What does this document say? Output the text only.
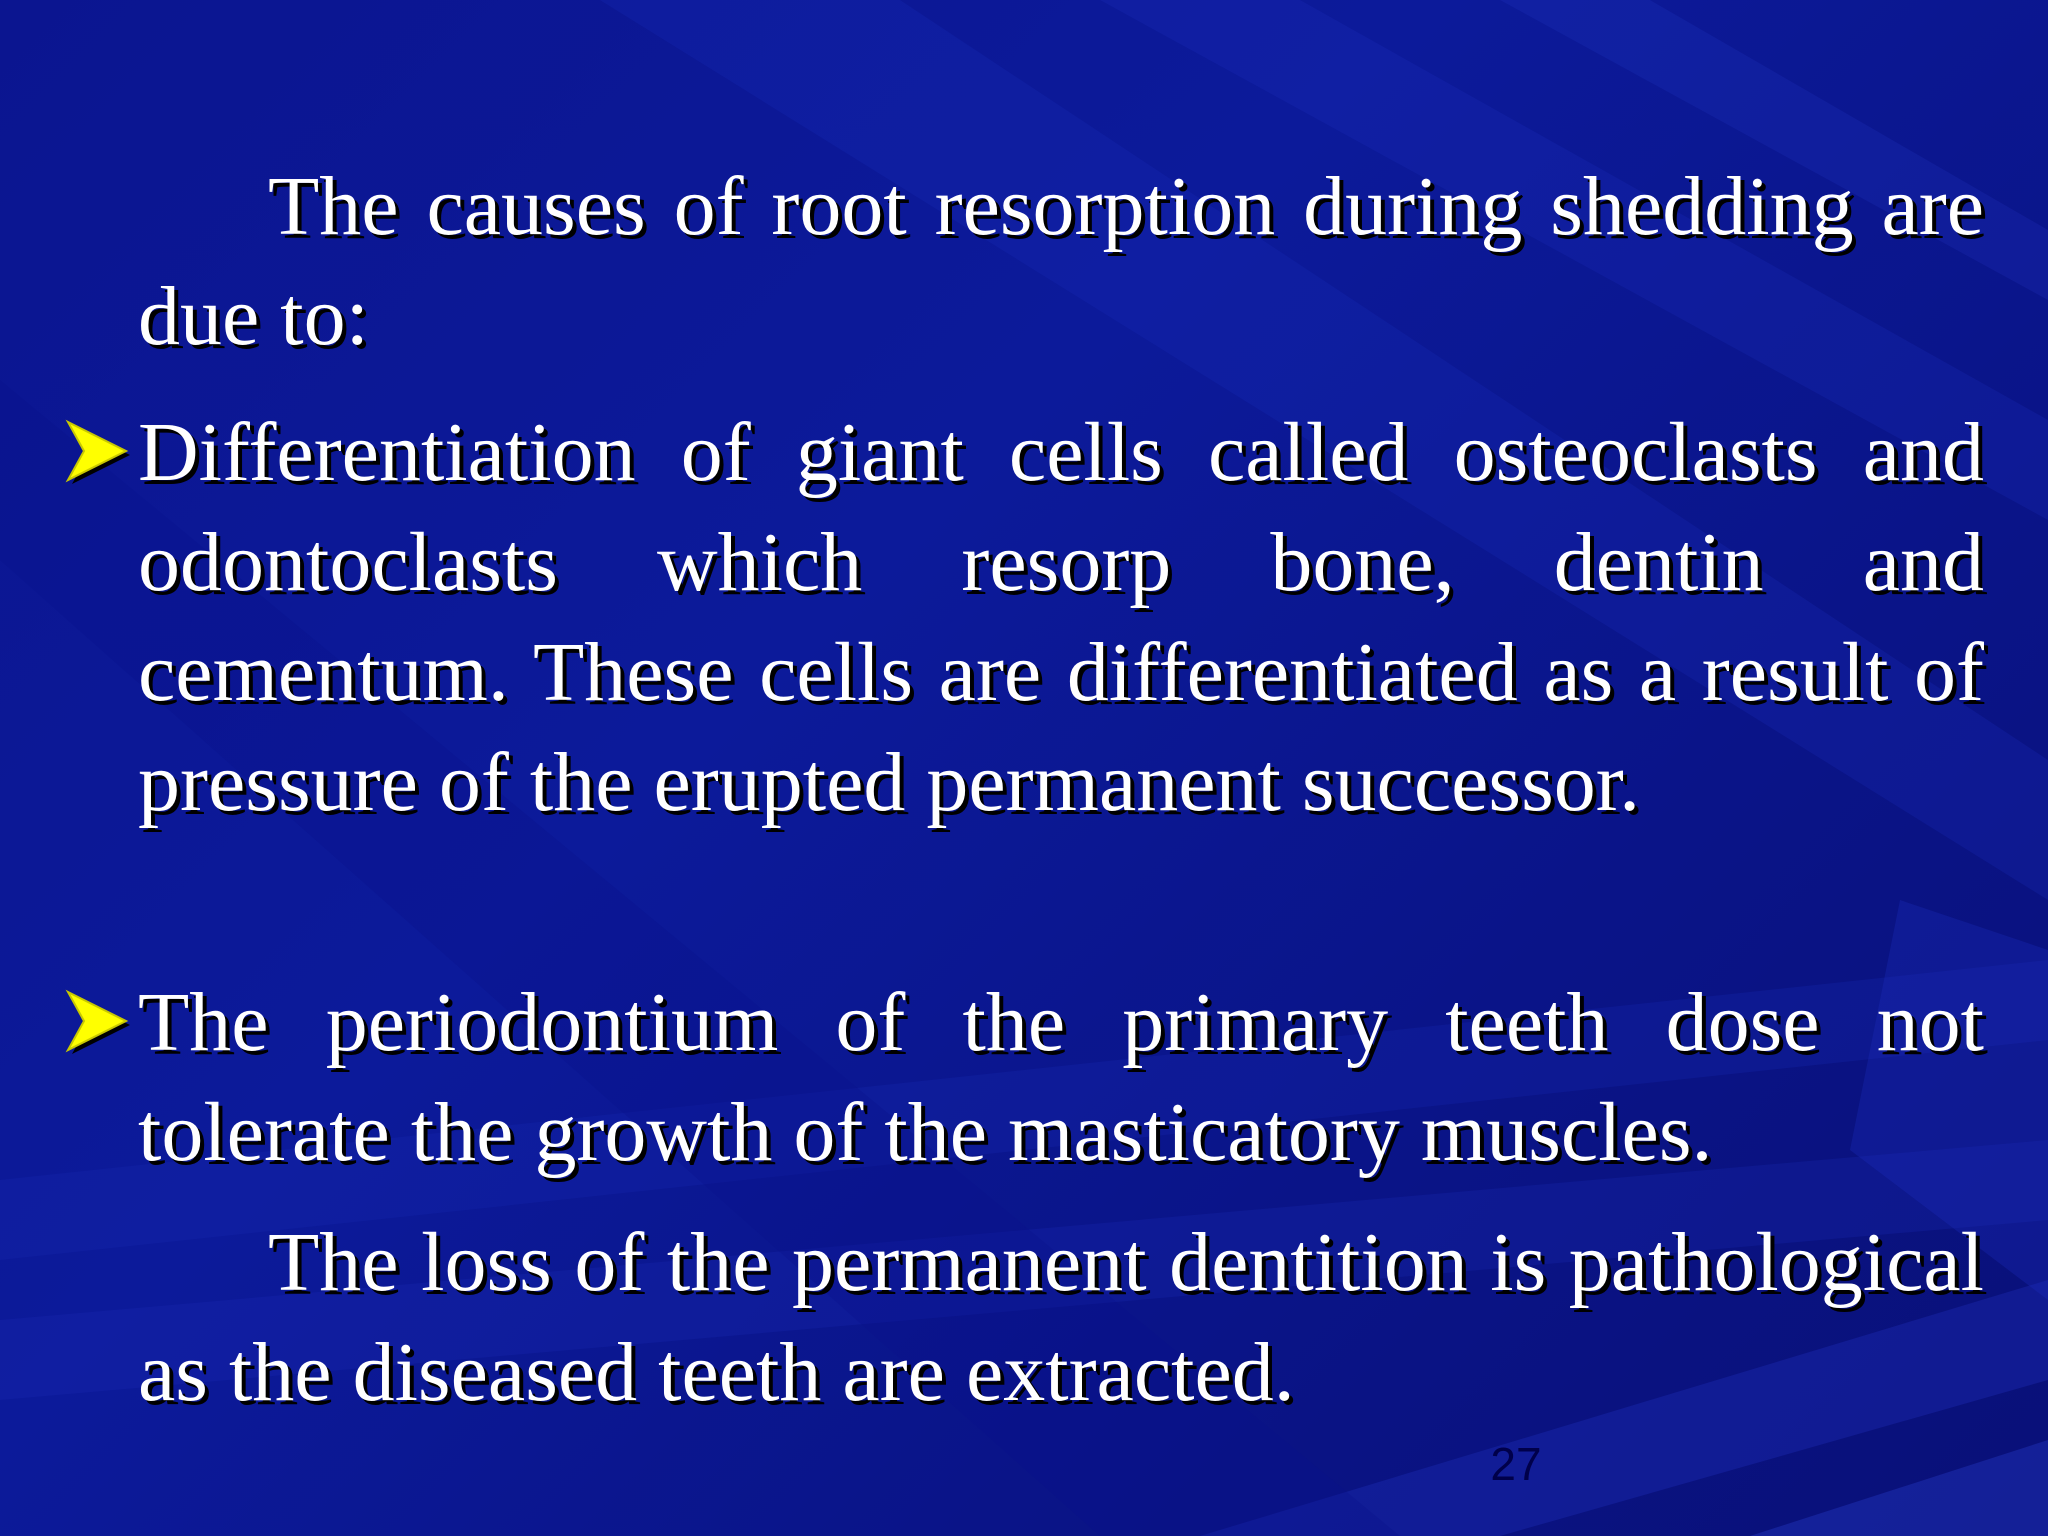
The causes of root resorption during shedding are due to:
Differentiation of giant cells called osteoclasts and odontoclasts which resorp bone, dentin and cementum. These cells are differentiated as a result of pressure of the erupted permanent successor.
The periodontium of the primary teeth dose not tolerate the growth of the masticatory muscles.
The loss of the permanent dentition is pathological as the diseased teeth are extracted.
27
